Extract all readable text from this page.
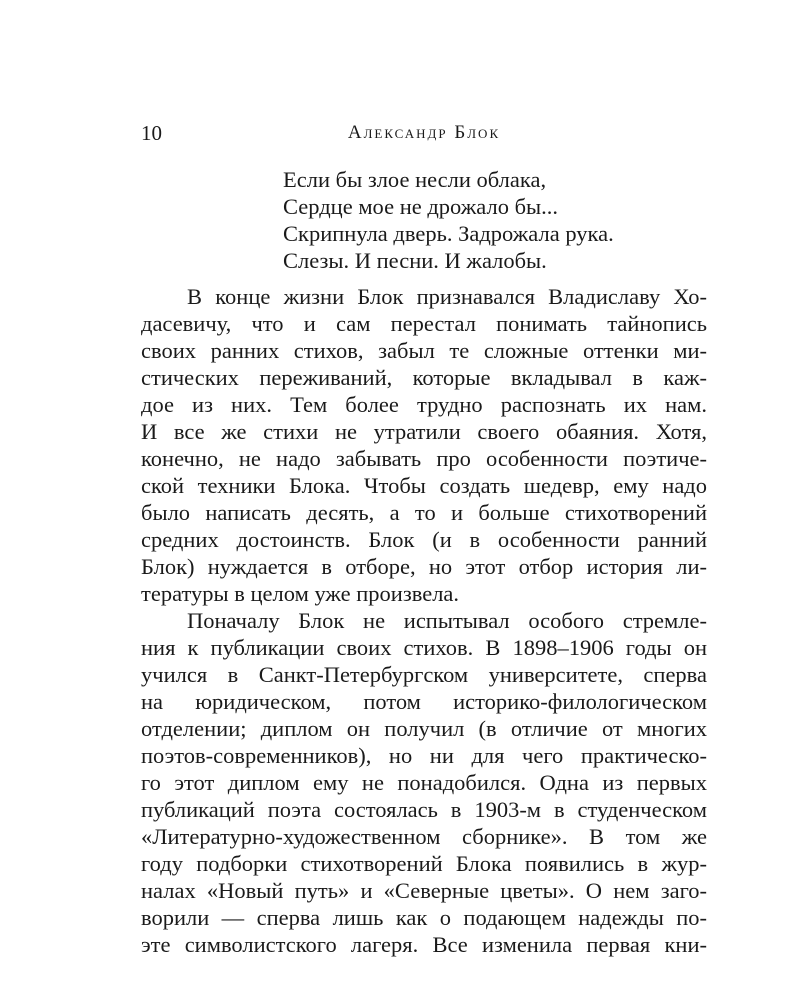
10	Александр Блок
Если бы злое несли облака,
Сердце мое не дрожало бы...
Скрипнула дверь. Задрожала рука.
Слезы. И песни. И жалобы.
В конце жизни Блок признавался Владиславу Хо-
дасевичу, что и сам перестал понимать тайнопись
своих ранних стихов, забыл те сложные оттенки ми-
стических переживаний, которые вкладывал в каж-
дое из них. Тем более трудно распознать их нам.
И все же стихи не утратили своего обаяния. Хотя,
конечно, не надо забывать про особенности поэтиче-
ской техники Блока. Чтобы создать шедевр, ему надо
было написать десять, а то и больше стихотворений
средних достоинств. Блок (и в особенности ранний
Блок) нуждается в отборе, но этот отбор история ли-
тературы в целом уже произвела.
Поначалу Блок не испытывал особого стремле-
ния к публикации своих стихов. В 1898–1906 годы он
учился в Санкт-Петербургском университете, сперва
на юридическом, потом историко-филологическом
отделении; диплом он получил (в отличие от многих
поэтов-современников), но ни для чего практическо-
го этот диплом ему не понадобился. Одна из первых
публикаций поэта состоялась в 1903-м в студенческом
«Литературно-художественном сборнике». В том же
году подборки стихотворений Блока появились в жур-
налах «Новый путь» и «Северные цветы». О нем заго-
ворили — сперва лишь как о подающем надежды по-
эте символистского лагеря. Все изменила первая кни-
